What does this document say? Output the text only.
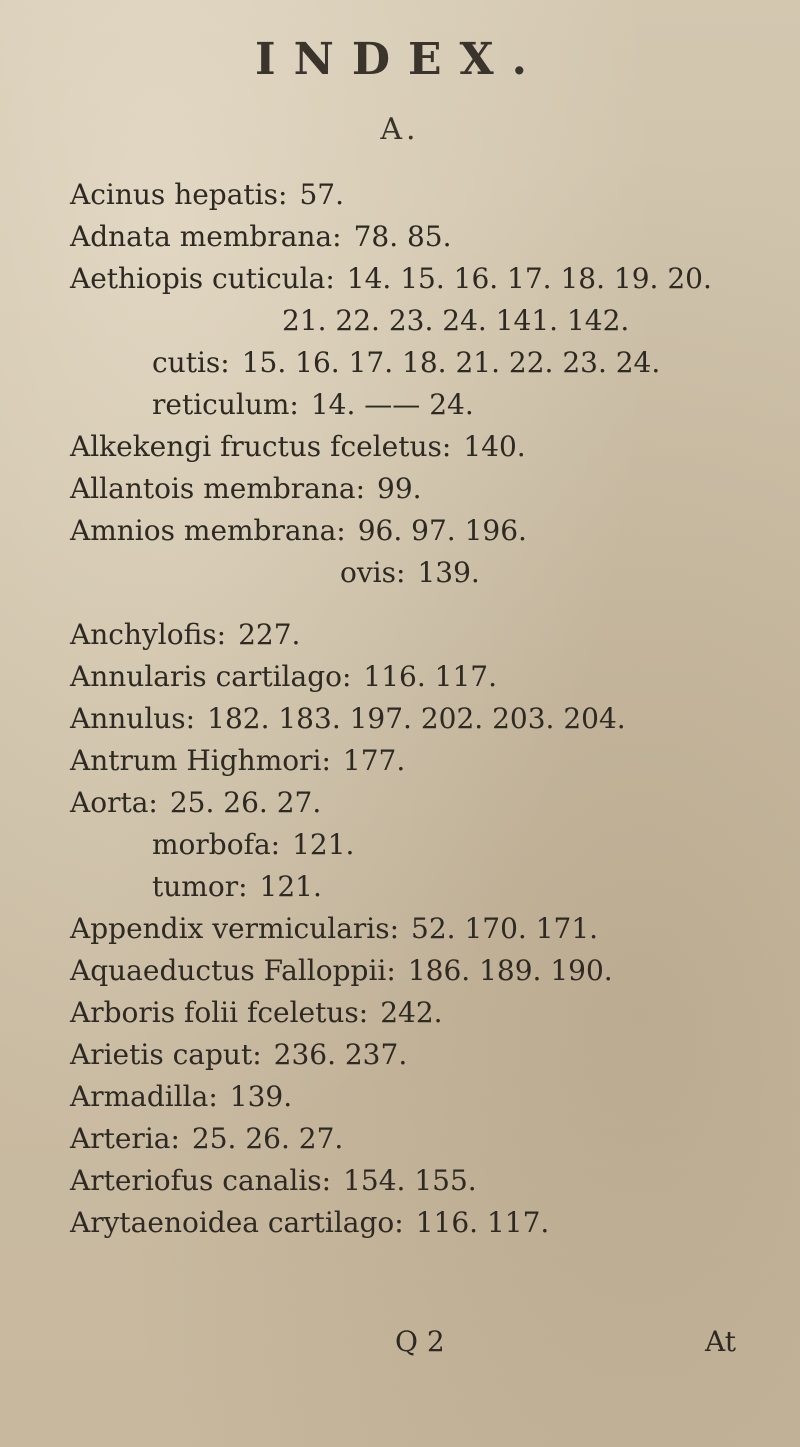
INDEX.
A.
Acinus hepatis: 57.
Adnata membrana: 78. 85.
Aethiopis cuticula: 14. 15. 16. 17. 18. 19. 20.
21. 22. 23. 24. 141. 142.
cutis: 15. 16. 17. 18. 21. 22. 23. 24.
reticulum: 14. —— 24.
Alkekengi fructus fceletus: 140.
Allantois membrana: 99.
Amnios membrana: 96. 97. 196.
ovis: 139.
Anchylofis: 227.
Annularis cartilago: 116. 117.
Annulus: 182. 183. 197. 202. 203. 204.
Antrum Highmori: 177.
Aorta: 25. 26. 27.
morbofa: 121.
tumor: 121.
Appendix vermicularis: 52. 170. 171.
Aquaeductus Falloppii: 186. 189. 190.
Arboris folii fceletus: 242.
Arietis caput: 236. 237.
Armadilla: 139.
Arteria: 25. 26. 27.
Arteriofus canalis: 154. 155.
Arytaenoidea cartilago: 116. 117.
Q 2	At
